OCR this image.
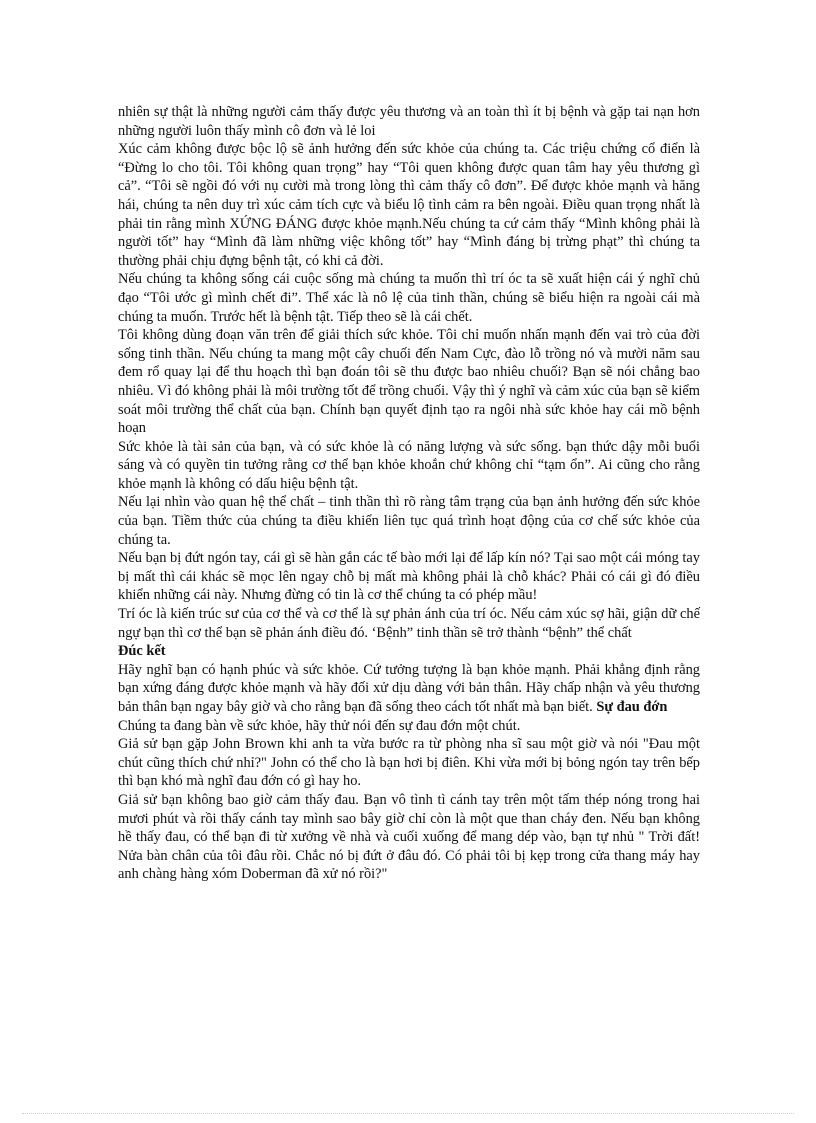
nhiên sự thật là những người cảm thấy được yêu thương và an toàn thì ít bị bệnh và gặp tai nạn hơn những người luôn thấy mình cô đơn và lẻ loi

Xúc cảm không được bộc lộ sẽ ảnh hưởng đến sức khỏe của chúng ta. Các triệu chứng cổ điển là “Đừng lo cho tôi. Tôi không quan trọng” hay “Tôi quen không được quan tâm hay yêu thương gì cả”. “Tôi sẽ ngồi đó với nụ cười mà trong lòng thì cảm thấy cô đơn”. Để được khỏe mạnh và hăng hái, chúng ta nên duy trì xúc cảm tích cực và biểu lộ tình cảm ra bên ngoài. Điều quan trọng nhất là phải tin rằng mình XỨNG ĐÁNG được khỏe mạnh.Nếu chúng ta cứ cảm thấy “Mình không phải là người tốt” hay “Mình đã làm những việc không tốt” hay “Mình đáng bị trừng phạt” thì chúng ta thường phải chịu đựng bệnh tật, có khi cả đời.

Nếu chúng ta không sống cái cuộc sống mà chúng ta muốn thì trí óc ta sẽ xuất hiện cái ý nghĩ chủ đạo “Tôi ước gì mình chết đi”. Thể xác là nô lệ của tinh thần, chúng sẽ biểu hiện ra ngoài cái mà chúng ta muốn. Trước hết là bệnh tật. Tiếp theo sẽ là cái chết.

Tôi không dùng đoạn văn trên để giải thích sức khỏe. Tôi chỉ muốn nhấn mạnh đến vai trò của đời sống tinh thần. Nếu chúng ta mang một cây chuối đến Nam Cực, đào lỗ trồng nó và mười năm sau đem rổ quay lại để thu hoạch thì bạn đoán tôi sẽ thu được bao nhiêu chuối? Bạn sẽ nói chẳng bao nhiêu. Vì đó không phải là môi trường tốt để trồng chuối. Vậy thì ý nghĩ và cảm xúc của bạn sẽ kiểm soát môi trường thể chất của bạn. Chính bạn quyết định tạo ra ngôi nhà sức khỏe hay cái mồ bệnh hoạn

Sức khỏe là tài sản của bạn, và có sức khỏe là có năng lượng và sức sống. bạn thức dậy mỗi buổi sáng và có quyền tin tưởng rằng cơ thể bạn khỏe khoắn chứ không chỉ “tạm ổn”. Ai cũng cho rằng khỏe mạnh là không có dấu hiệu bệnh tật.

Nếu lại nhìn vào quan hệ thể chất – tinh thần thì rõ ràng tâm trạng của bạn ảnh hưởng đến sức khỏe của bạn. Tiềm thức của chúng ta điều khiển liên tục quá trình hoạt động của cơ chế sức khỏe của chúng ta.

Nếu bạn bị đứt ngón tay, cái gì sẽ hàn gắn các tế bào mới lại để lấp kín nó? Tại sao một cái móng tay bị mất thì cái khác sẽ mọc lên ngay chỗ bị mất mà không phải là chỗ khác? Phải có cái gì đó điều khiển những cái này. Nhưng đừng có tin là cơ thể chúng ta có phép mầu!

Trí óc là kiến trúc sư của cơ thể và cơ thể là sự phản ánh của trí óc. Nếu cảm xúc sợ hãi, giận dữ chế ngự bạn thì cơ thể bạn sẽ phản ánh điều đó. ‘Bệnh” tinh thần sẽ trở thành “bệnh” thể chất

Đúc kết

Hãy nghĩ bạn có hạnh phúc và sức khỏe. Cứ tưởng tượng là bạn khỏe mạnh. Phải khẳng định rằng bạn xứng đáng được khỏe mạnh và hãy đối xử dịu dàng với bản thân. Hãy chấp nhận và yêu thương bản thân bạn ngay bây giờ và cho rằng bạn đã sống theo cách tốt nhất mà bạn biết. Sự đau đớn

Chúng ta đang bàn về sức khỏe, hãy thử nói đến sự đau đớn một chút.

Giả sử bạn gặp John Brown khi anh ta vừa bước ra từ phòng nha sĩ sau một giờ và nói "Đau một chút cũng thích chứ nhỉ?" John có thể cho là bạn hơi bị điên. Khi vừa mới bị bỏng ngón tay trên bếp thì bạn khó mà nghĩ đau đớn có gì hay ho.

Giả sử bạn không bao giờ cảm thấy đau. Bạn vô tình tì cánh tay trên một tấm thép nóng trong hai mươi phút và rồi thấy cánh tay mình sao bây giờ chỉ còn là một que than cháy đen. Nếu bạn không hề thấy đau, có thể bạn đi từ xưởng về nhà và cuối xuống để mang dép vào, bạn tự nhủ " Trời đất! Nửa bàn chân của tôi đâu rồi. Chắc nó bị đứt ở đâu đó. Có phải tôi bị kẹp trong cửa thang máy hay anh chàng hàng xóm Doberman đã xử nó rồi?"
